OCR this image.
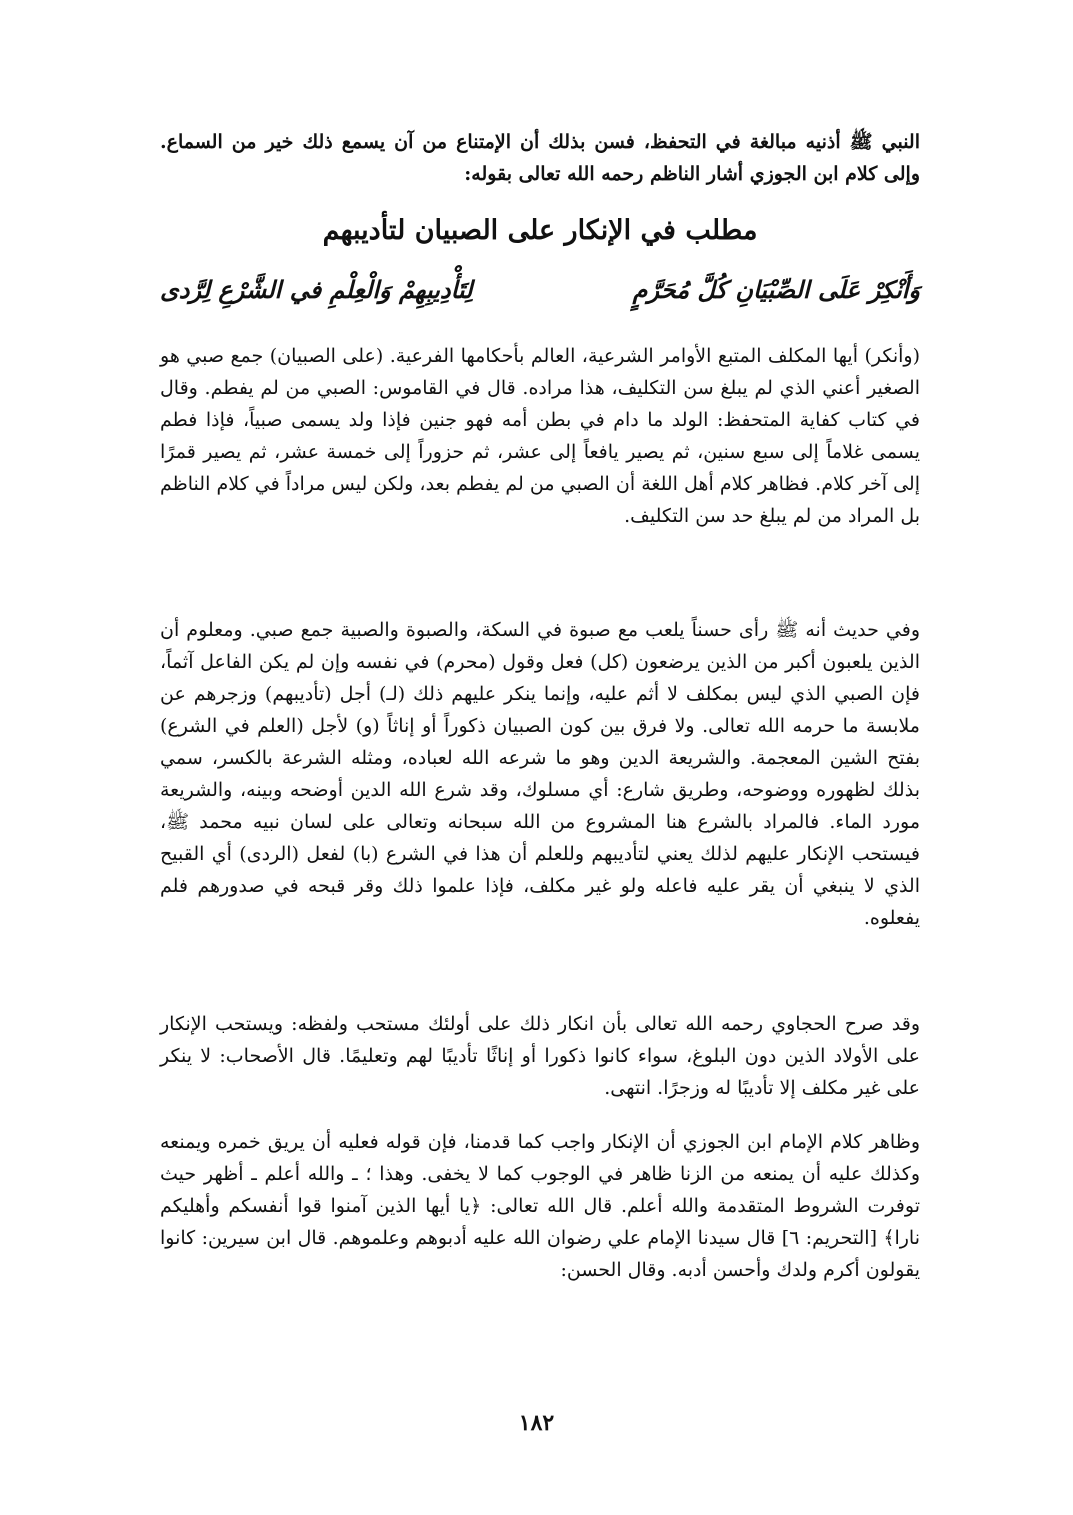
النبي ﷺ أذنيه مبالغة في التحفظ، فسن بذلك أن الإمتناع من آن يسمع ذلك خير من السماع. وإلى كلام ابن الجوزي أشار الناظم رحمه الله تعالى بقوله:

مطلب في الإنكار على الصبيان لتأديبهم
وَأَنْكِرْ عَلَى الصِّبْيَانِ كُلَّ مُحَرَّمٍ
لِتَأْدِيبِهِمْ وَالْعِلْمِ في الشَّرْعِ لِرَّدى

(وأنكر) أيها المكلف المتبع الأوامر الشرعية، العالم بأحكامها الفرعية. (على الصبيان) جمع صبي هو الصغير أعني الذي لم يبلغ سن التكليف، هذا مراده. قال في القاموس: الصبي من لم يفطم. وقال في كتاب كفاية المتحفظ: الولد ما دام في بطن أمه فهو جنين فإذا ولد يسمى صبياً، فإذا فطم يسمى غلاماً إلى سبع سنين، ثم يصير يافعاً إلى عشر، ثم حزوراً إلى خمسة عشر، ثم يصير قمرًا إلى آخر كلام. فظاهر كلام أهل اللغة أن الصبي من لم يفطم بعد، ولكن ليس مراداً في كلام الناظم بل المراد من لم يبلغ حد سن التكليف.

وفي حديث أنه ﷺ رأى حسناً يلعب مع صبوة في السكة، والصبوة والصبية جمع صبي. ومعلوم أن الذين يلعبون أكبر من الذين يرضعون (كل) فعل وقول (محرم) في نفسه وإن لم يكن الفاعل آثماً، فإن الصبي الذي ليس بمكلف لا أثم عليه، وإنما ينكر عليهم ذلك (لـ) أجل (تأديبهم) وزجرهم عن ملابسة ما حرمه الله تعالى. ولا فرق بين كون الصبيان ذكوراً أو إناثاً (و) لأجل (العلم في الشرع) بفتح الشين المعجمة. والشريعة الدين وهو ما شرعه الله لعباده، ومثله الشرعة بالكسر، سمي بذلك لظهوره ووضوحه، وطريق شارع: أي مسلوك، وقد شرع الله الدين أوضحه وبينه، والشريعة مورد الماء. فالمراد بالشرع هنا المشروع من الله سبحانه وتعالى على لسان نبيه محمد ﷺ، فيستحب الإنكار عليهم لذلك يعني لتأديبهم وللعلم أن هذا في الشرع (با) لفعل (الردى) أي القبيح الذي لا ينبغي أن يقر عليه فاعله ولو غير مكلف، فإذا علموا ذلك وقر قبحه في صدورهم فلم يفعلوه.

وقد صرح الحجاوي رحمه الله تعالى بأن انكار ذلك على أولئك مستحب ولفظه: ويستحب الإنكار على الأولاد الذين دون البلوغ، سواء كانوا ذكورا أو إناثًا تأديبًا لهم وتعليمًا. قال الأصحاب: لا ينكر على غير مكلف إلا تأديبًا له وزجرًا. انتهى.

وظاهر كلام الإمام ابن الجوزي أن الإنكار واجب كما قدمنا، فإن قوله فعليه أن يريق خمره ويمنعه وكذلك عليه أن يمنعه من الزنا ظاهر في الوجوب كما لا يخفى. وهذا ؛ ـ والله أعلم ـ أظهر حيث توفرت الشروط المتقدمة والله أعلم. قال الله تعالى: ﴿يا أيها الذين آمنوا قوا أنفسكم وأهليكم نارا﴾ [التحريم: ٦] قال سيدنا الإمام علي رضوان الله عليه أدبوهم وعلموهم. قال ابن سيرين: كانوا يقولون أكرم ولدك وأحسن أدبه. وقال الحسن:

١٨٢
